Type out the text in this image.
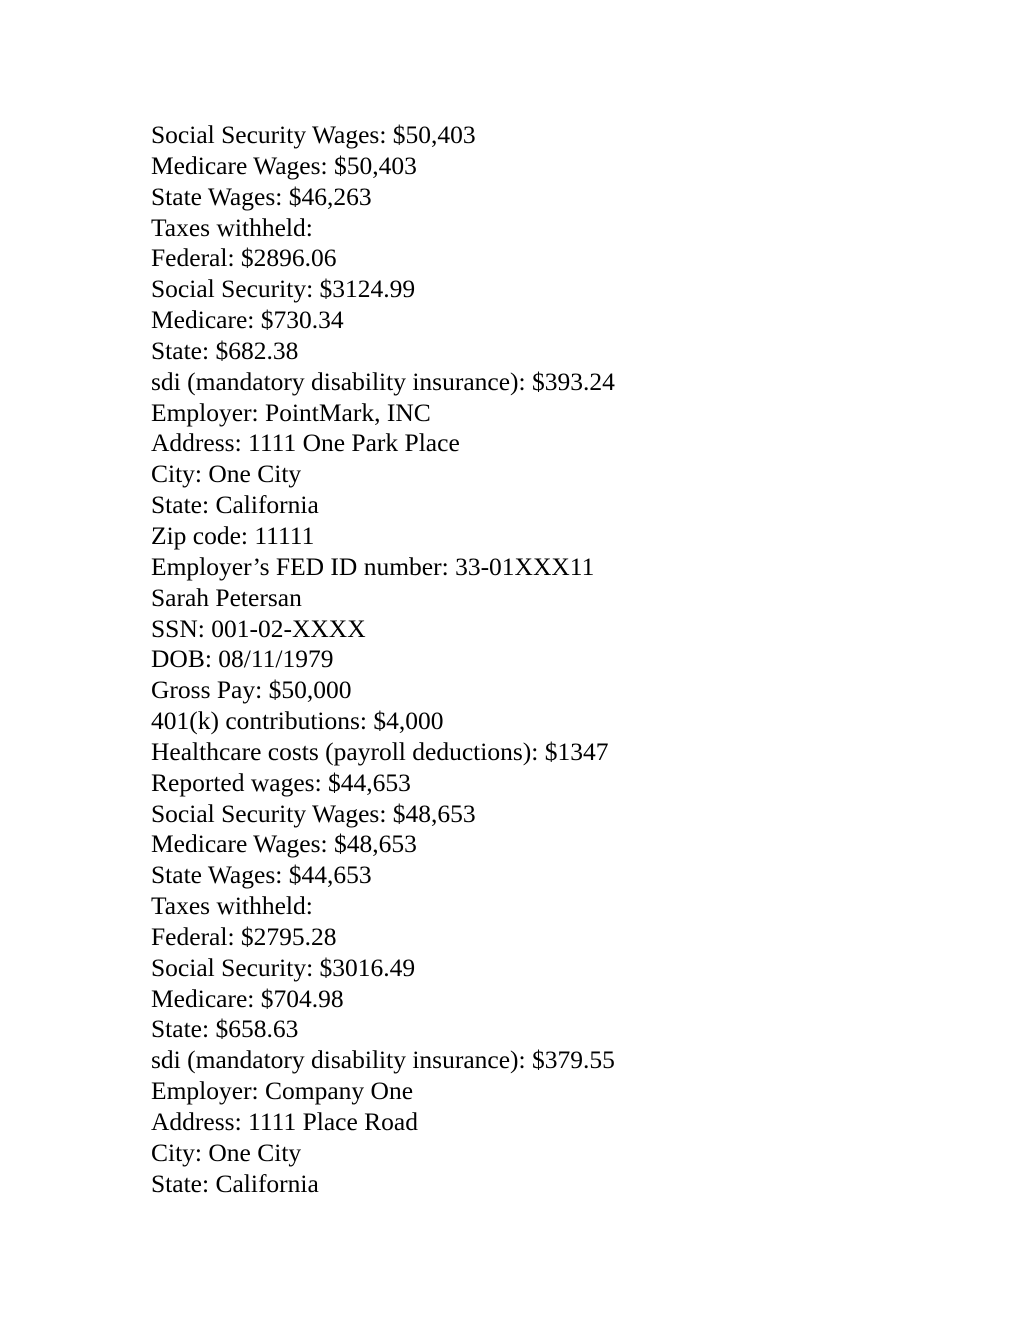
Social Security Wages: $50,403
Medicare Wages: $50,403
State Wages: $46,263
Taxes withheld:
Federal: $2896.06
Social Security: $3124.99
Medicare: $730.34
State: $682.38
sdi (mandatory disability insurance): $393.24
Employer: PointMark, INC
Address: 1111 One Park Place
City: One City
State: California
Zip code: 11111
Employer’s FED ID number: 33-01XXX11
Sarah Petersan
SSN: 001-02-XXXX
DOB: 08/11/1979
Gross Pay: $50,000
401(k) contributions: $4,000
Healthcare costs (payroll deductions): $1347
Reported wages: $44,653
Social Security Wages: $48,653
Medicare Wages: $48,653
State Wages: $44,653
Taxes withheld:
Federal: $2795.28
Social Security: $3016.49
Medicare: $704.98
State: $658.63
sdi (mandatory disability insurance): $379.55
Employer: Company One
Address: 1111 Place Road
City: One City
State: California
